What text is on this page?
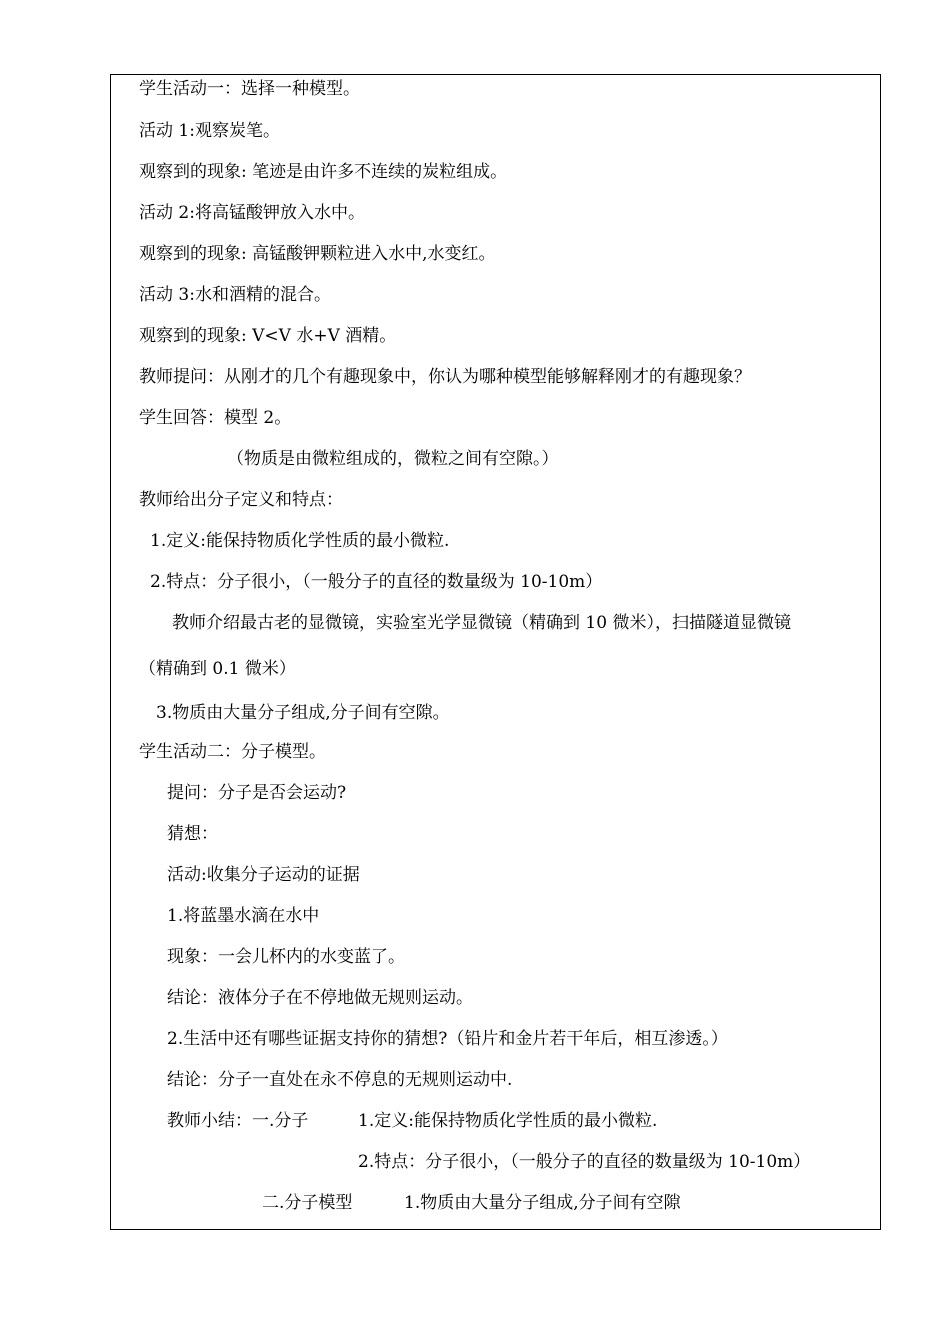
学生活动一：选择一种模型。
活动 1:观察炭笔。
观察到的现象: 笔迹是由许多不连续的炭粒组成。
活动 2:将高锰酸钾放入水中。
观察到的现象: 高锰酸钾颗粒进入水中,水变红。
活动 3:水和酒精的混合。
观察到的现象: V<V 水+V 酒精。
教师提问：从刚才的几个有趣现象中，你认为哪种模型能够解释刚才的有趣现象？
学生回答：模型 2。
（物质是由微粒组成的，微粒之间有空隙。）
教师给出分子定义和特点：
1.定义:能保持物质化学性质的最小微粒.
2.特点：分子很小，（一般分子的直径的数量级为 10-10m）
教师介绍最古老的显微镜，实验室光学显微镜（精确到 10 微米），扫描隧道显微镜
（精确到 0.1 微米）
3.物质由大量分子组成,分子间有空隙。
学生活动二：分子模型。
提问：分子是否会运动?
猜想：
活动:收集分子运动的证据
1.将蓝墨水滴在水中
现象：一会儿杯内的水变蓝了。
结论：液体分子在不停地做无规则运动。
2.生活中还有哪些证据支持你的猜想?（铅片和金片若干年后，相互渗透。）
结论：分子一直处在永不停息的无规则运动中.
教师小结：一.分子	1.定义:能保持物质化学性质的最小微粒.
2.特点：分子很小，（一般分子的直径的数量级为 10-10m）
二.分子模型	1.物质由大量分子组成,分子间有空隙
